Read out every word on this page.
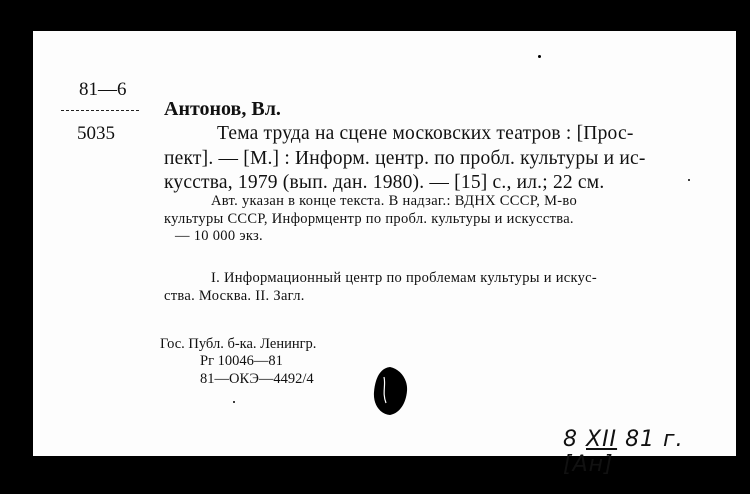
81—6
5035
Антонов, Вл.
Тема труда на сцене московских театров : [Прос-
пект]. — [М.] : Информ. центр. по пробл. культуры и ис-
кусства, 1979 (вып. дан. 1980). — [15] с., ил.; 22 см.
Авт. указан в конце текста. В надзаг.: ВДНХ СССР, М-во
культуры СССР, Информцентр по пробл. культуры и искусства.
— 10 000 экз.
I. Информационный центр по проблемам культуры и искус-
ства. Москва. II. Загл.
Гос. Публ. б-ка. Ленингр.
Рг 10046—81
81—ОКЭ—4492/4
8 XII 81 г. [Ан]
